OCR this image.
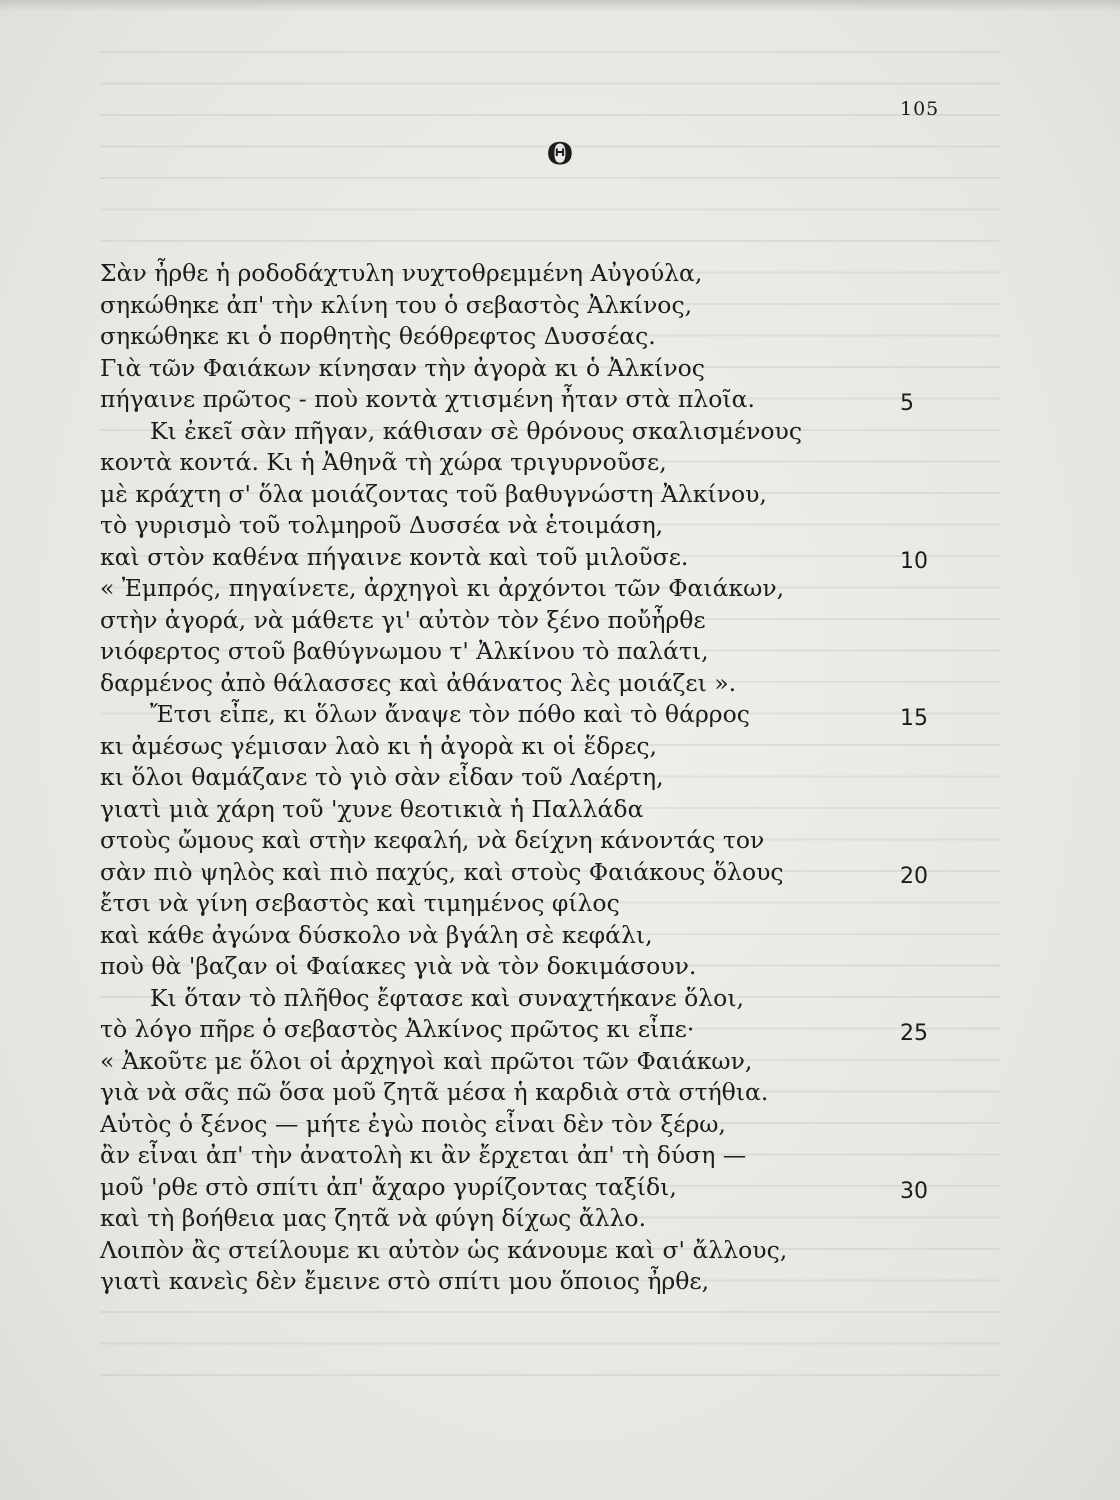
105
Θ
Σὰν ἦρθε ἡ ροδοδάχτυλη νυχτοθρεμμένη Αὐγούλα,
σηκώθηκε ἀπ' τὴν κλίνη του ὁ σεβαστὸς Ἀλκίνος,
σηκώθηκε κι ὁ πορθητὴς θεόθρεφτος Δυσσέας.
Γιὰ τῶν Φαιάκων κίνησαν τὴν ἀγορὰ κι ὁ Ἀλκίνος
πήγαινε πρῶτος - ποὺ κοντὰ χτισμένη ἦταν στὰ πλοῖα.	5
Κι ἐκεῖ σὰν πῆγαν, κάθισαν σὲ θρόνους σκαλισμένους
κοντὰ κοντά. Κι ἡ Ἀθηνᾶ τὴ χώρα τριγυρνοῦσε,
μὲ κράχτη σ' ὅλα μοιάζοντας τοῦ βαθυγνώστη Ἀλκίνου,
τὸ γυρισμὸ τοῦ τολμηροῦ Δυσσέα νὰ ἑτοιμάση,
καὶ στὸν καθένα πήγαινε κοντὰ καὶ τοῦ μιλοῦσε.	10
« Ἐμπρός, πηγαίνετε, ἀρχηγοὶ κι ἀρχόντοι τῶν Φαιάκων,
στὴν ἀγορά, νὰ μάθετε γι' αὐτὸν τὸν ξένο ποὔἦρθε
νιόφερτος στοῦ βαθύγνωμου τ' Ἀλκίνου τὸ παλάτι,
δαρμένος ἀπὸ θάλασσες καὶ ἀθάνατος λὲς μοιάζει ».
Ἔτσι εἶπε, κι ὅλων ἄναψε τὸν πόθο καὶ τὸ θάρρος	15
κι ἀμέσως γέμισαν λαὸ κι ἡ ἀγορὰ κι οἱ ἕδρες,
κι ὅλοι θαμάζανε τὸ γιὸ σὰν εἶδαν τοῦ Λαέρτη,
γιατὶ μιὰ χάρη τοῦ 'χυνε θεοτικιὰ ἡ Παλλάδα
στοὺς ὤμους καὶ στὴν κεφαλή, νὰ δείχνη κάνοντάς τον
σὰν πιὸ ψηλὸς καὶ πιὸ παχύς, καὶ στοὺς Φαιάκους ὅλους	20
ἔτσι νὰ γίνη σεβαστὸς καὶ τιμημένος φίλος
καὶ κάθε ἀγώνα δύσκολο νὰ βγάλη σὲ κεφάλι,
ποὺ θὰ 'βαζαν οἱ Φαίακες γιὰ νὰ τὸν δοκιμάσουν.
Κι ὅταν τὸ πλῆθος ἔφτασε καὶ συναχτήκανε ὅλοι,
τὸ λόγο πῆρε ὁ σεβαστὸς Ἀλκίνος πρῶτος κι εἶπε·	25
« Ἀκοῦτε με ὅλοι οἱ ἀρχηγοὶ καὶ πρῶτοι τῶν Φαιάκων,
γιὰ νὰ σᾶς πῶ ὅσα μοῦ ζητᾶ μέσα ἡ καρδιὰ στὰ στήθια.
Αὐτὸς ὁ ξένος — μήτε ἐγὼ ποιὸς εἶναι δὲν τὸν ξέρω,
ἂν εἶναι ἀπ' τὴν ἀνατολὴ κι ἂν ἔρχεται ἀπ' τὴ δύση —
μοῦ 'ρθε στὸ σπίτι ἀπ' ἄχαρο γυρίζοντας ταξίδι,	30
καὶ τὴ βοήθεια μας ζητᾶ νὰ φύγη δίχως ἄλλο.
Λοιπὸν ἂς στείλουμε κι αὐτὸν ὡς κάνουμε καὶ σ' ἄλλους,
γιατὶ κανεὶς δὲν ἔμεινε στὸ σπίτι μου ὅποιος ἦρθε,
